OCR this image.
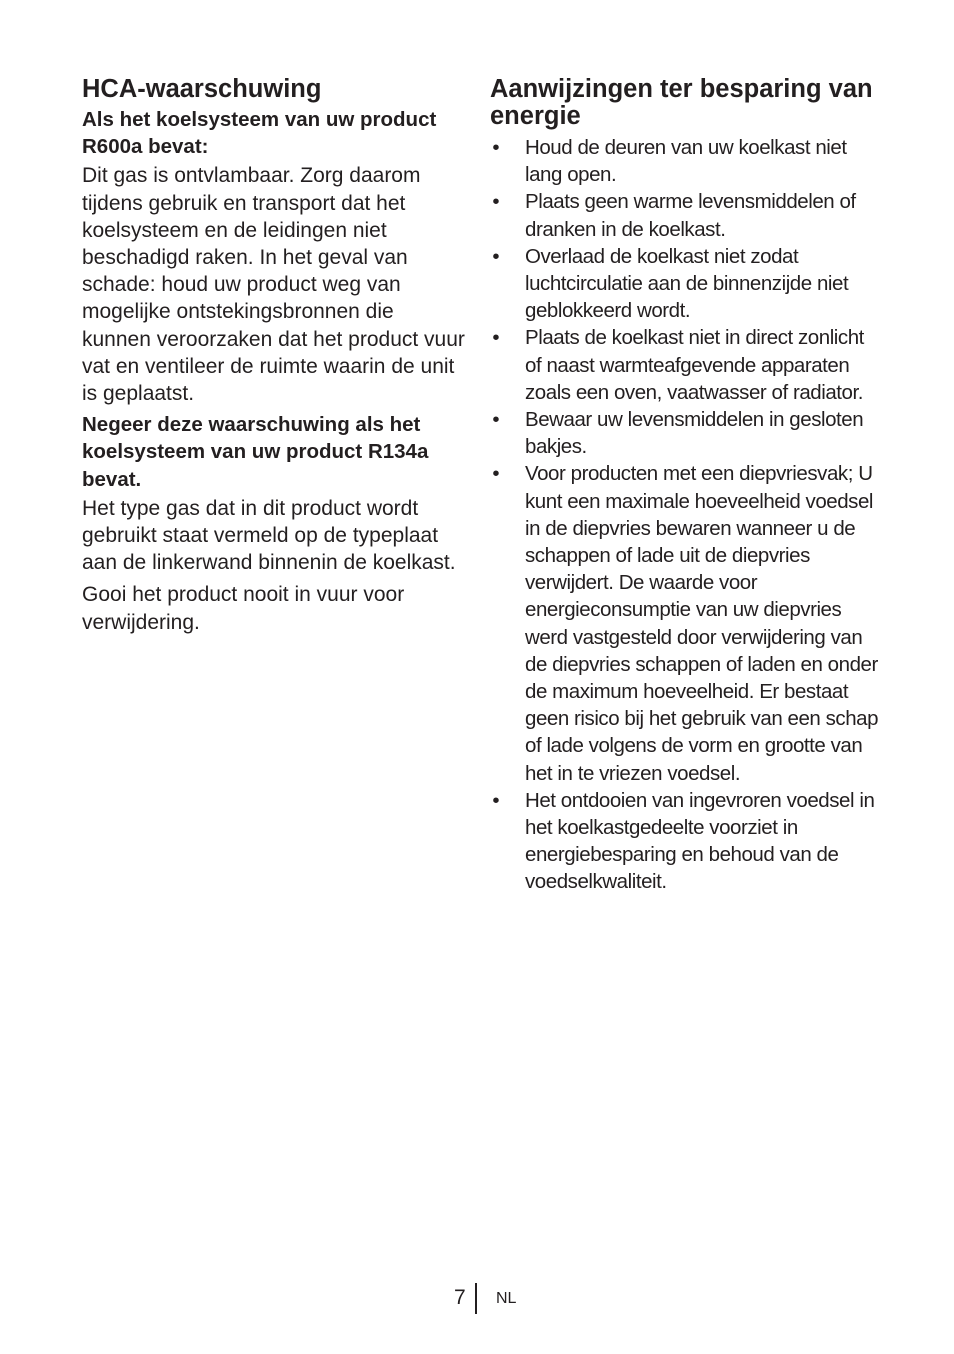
HCA-waarschuwing
Als het koelsysteem van uw product R600a bevat:

Dit gas is ontvlambaar. Zorg daarom tijdens gebruik en transport dat het koelsysteem en de leidingen niet beschadigd raken. In het geval van schade: houd uw product weg van mogelijke ontstekingsbronnen die kunnen veroorzaken dat het product vuur vat en ventileer de ruimte waarin de unit is geplaatst.

Negeer deze waarschuwing als het koelsysteem van uw product R134a bevat.

Het type gas dat in dit product wordt gebruikt staat vermeld op de typeplaat aan de linkerwand binnenin de koelkast.

Gooi het product nooit in vuur voor verwijdering.

Aanwijzingen ter besparing van energie
• Houd de deuren van uw koelkast niet lang open.
• Plaats geen warme levensmiddelen of dranken in de koelkast.
• Overlaad de koelkast niet zodat luchtcirculatie aan de binnenzijde niet geblokkeerd wordt.
• Plaats de koelkast niet in direct zonlicht of naast warmteafgevende apparaten zoals een oven, vaatwasser of radiator.
• Bewaar uw levensmiddelen in gesloten bakjes.
• Voor producten met een diepvriesvak; U kunt een maximale hoeveelheid voedsel in de diepvries bewaren wanneer u de schappen of lade uit de diepvries verwijdert. De waarde voor energieconsumptie van uw diepvries werd vastgesteld door verwijdering van de diepvries schappen of laden en onder de maximum hoeveelheid. Er bestaat geen risico bij het gebruik van een schap of lade volgens de vorm en grootte van het in te vriezen voedsel.
• Het ontdooien van ingevroren voedsel in het koelkastgedeelte voorziet in energiebesparing en behoud van de voedselkwaliteit.
7 NL
